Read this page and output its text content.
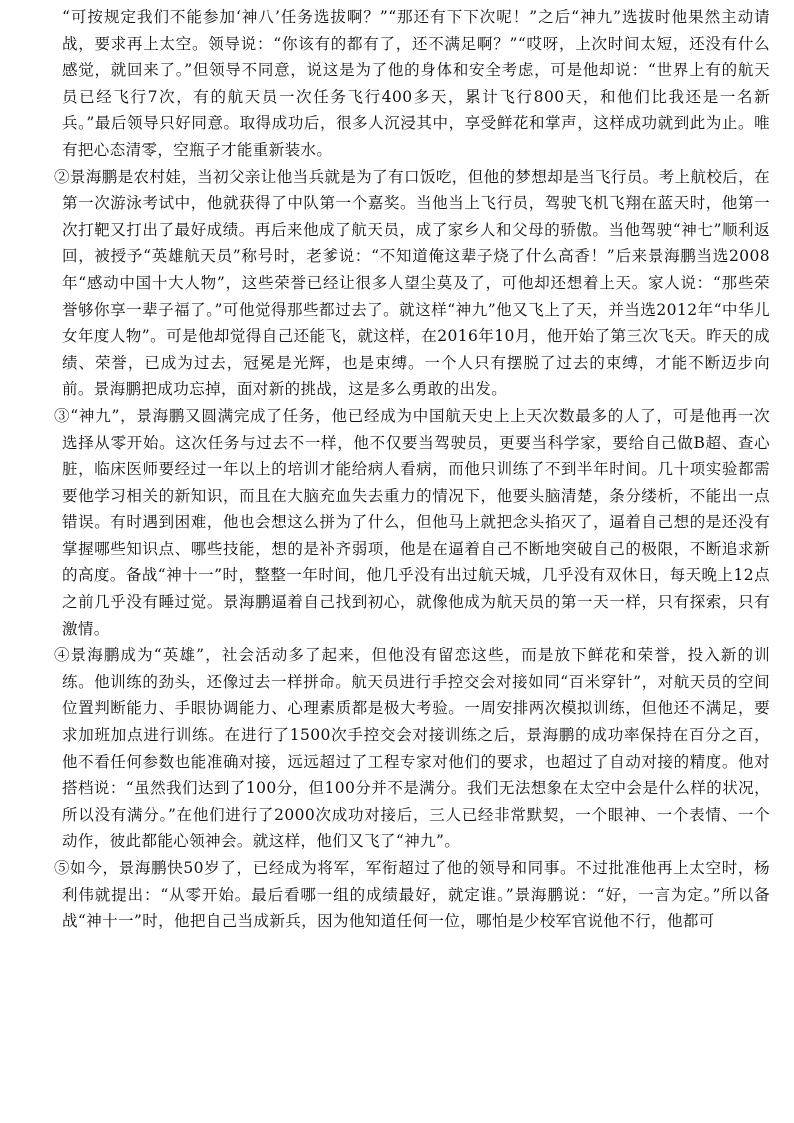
“可按规定我们不能参加‘神八’任务选拔啊？”“那还有下下次呢！”之后“神九”选拔时他果然主动请战，要求再上太空。领导说：“你该有的都有了，还不满足啊？”“哎呀，上次时间太短，还没有什么感觉，就回来了。”但领导不同意，说这是为了他的身体和安全考虑，可是他却说：“世界上有的航天员已经飞行7次，有的航天员一次任务飞行400多天，累计飞行800天，和他们比我还是一名新兵。”最后领导只好同意。取得成功后，很多人沉浸其中，享受鲜花和掌声，这样成功就到此为止。唯有把心态清零，空瓶子才能重新装水。

②景海鹏是农村娃，当初父亲让他当兵就是为了有口饭吃，但他的梦想却是当飞行员。考上航校后，在第一次游泳考试中，他就获得了中队第一个嘉奖。当他当上飞行员，驾驶飞机飞翔在蓝天时，他第一次打靶又打出了最好成绩。再后来他成了航天员，成了家乡人和父母的骄傲。当他驾驶“神七”顺利返回，被授予“英雄航天员”称号时，老爹说：“不知道俺这辈子烧了什么高香！”后来景海鹏当选2008年“感动中国十大人物”，这些荣誉已经让很多人望尘莫及了，可他却还想着上天。家人说：“那些荣誉够你享一辈子福了。”可他觉得那些都过去了。就这样“神九”他又飞上了天，并当选2012年“中华儿女年度人物”。可是他却觉得自己还能飞，就这样，在2016年10月，他开始了第三次飞天。昨天的成绩、荣誉，已成为过去，冠冕是光辉，也是束缚。一个人只有摆脱了过去的束缚，才能不断迈步向前。景海鹏把成功忘掉，面对新的挑战，这是多么勇敢的出发。

③“神九”，景海鹏又圆满完成了任务，他已经成为中国航天史上上天次数最多的人了，可是他再一次选择从零开始。这次任务与过去不一样，他不仅要当驾驶员，更要当科学家，要给自己做B超、查心脏，临床医师要经过一年以上的培训才能给病人看病，而他只训练了不到半年时间。几十项实验都需要他学习相关的新知识，而且在大脑充血失去重力的情况下，他要头脑清楚，条分缕析，不能出一点错误。有时遇到困难，他也会想这么拼为了什么，但他马上就把念头掐灭了，逼着自己想的是还没有掌握哪些知识点、哪些技能，想的是补齐弱项，他是在逼着自己不断地突破自己的极限，不断追求新的高度。备战“神十一”时，整整一年时间，他几乎没有出过航天城，几乎没有双休日，每天晚上12点之前几乎没有睡过觉。景海鹏逼着自己找到初心，就像他成为航天员的第一天一样，只有探索，只有激情。

④景海鹏成为“英雄”，社会活动多了起来，但他没有留恋这些，而是放下鲜花和荣誉，投入新的训练。他训练的劲头，还像过去一样拼命。航天员进行手控交会对接如同“百米穿针”，对航天员的空间位置判断能力、手眼协调能力、心理素质都是极大考验。一周安排两次模拟训练，但他还不满足，要求加班加点进行训练。在进行了1500次手控交会对接训练之后，景海鹏的成功率保持在百分之百，他不看任何参数也能准确对接，远远超过了工程专家对他们的要求，也超过了自动对接的精度。他对搭档说：“虽然我们达到了100分，但100分并不是满分。我们无法想象在太空中会是什么样的状况，所以没有满分。”在他们进行了2000次成功对接后，三人已经非常默契，一个眼神、一个表情、一个动作，彼此都能心领神会。就这样，他们又飞了“神九”。

⑤如今，景海鹏快50岁了，已经成为将军，军衔超过了他的领导和同事。不过批准他再上太空时，杨利伟就提出：“从零开始。最后看哪一组的成绩最好，就定谁。”景海鹏说：“好，一言为定。”所以备战“神十一”时，他把自己当成新兵，因为他知道任何一位，哪怕是少校军官说他不行，他都可
